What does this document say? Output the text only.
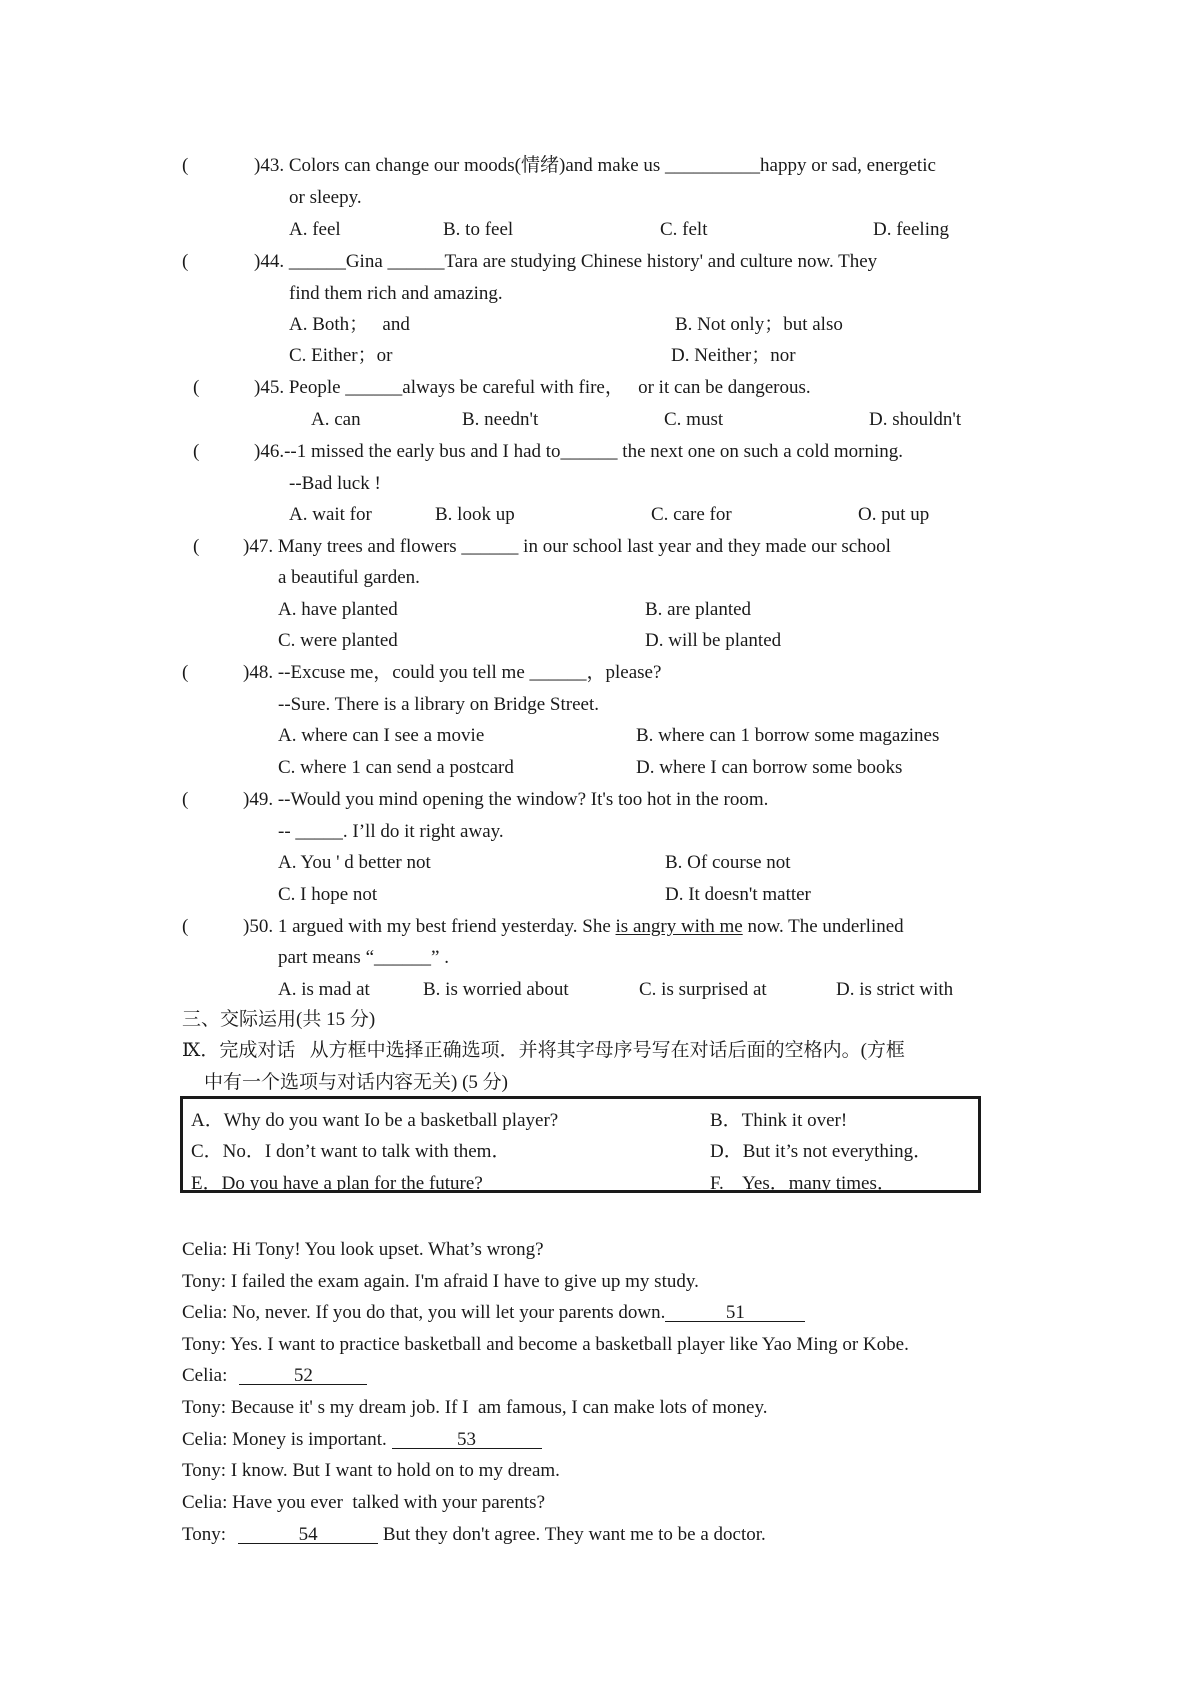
(	)43. Colors can change our moods(情绪)and make us __________happy or sad, energetic
or sleepy.
A. feel	B. to feel	C. felt	D. feeling
(	)44. ______Gina ______Tara are studying Chinese history' and culture now. They
find them rich and amazing.
A. Both；   and	B. Not only；but also
C. Either；or	D. Neither；nor
(	)45. People ______always be careful with fire，   or it can be dangerous.
A. can	B. needn't	C. must	D. shouldn't
(	)46.--1 missed the early bus and I had to______ the next one on such a cold morning.
--Bad luck !
A. wait for	B. look up	C. care for	O. put up
( )47. Many trees and flowers ______ in our school last year and they made our school
a beautiful garden.
A. have planted	B. are planted
C. were planted	D. will be planted
(	)48. --Excuse me，could you tell me ______，please?
--Sure. There is a library on Bridge Street.
A. where can I see a movie	B. where can 1 borrow some magazines
C. where 1 can send a postcard	D. where I can borrow some books
(	)49. --Would you mind opening the window? It's too hot in the room.
-- _____. I’ll do it right away.
A. You ' d better not	B. Of course not
C. I hope not	D. It doesn't matter
(	)50. 1 argued with my best friend yesterday. She is angry with me now. The underlined
part means “______” .
A. is mad at	B. is worried about	C. is surprised at	D. is strict with
三、交际运用(共 15 分)
Ⅸ．完成对话   从方框中选择正确选项．并将其字母序号写在对话后面的空格内。(方框
中有一个选项与对话内容无关) (5 分)
A．Why do you want Io be a basketball player?	B．Think it over!
C．No．I don’t want to talk with them．	D．But it’s not everything．
E．Do you have a plan for the future?	F.    Yes．many times．
Celia: Hi Tony! You look upset. What’s wrong?
Tony: I failed the exam again. I'm afraid I have to give up my study.
Celia: No, never. If you do that, you will let your parents down.	51
Tony: Yes. I want to practice basketball and become a basketball player like Yao Ming or Kobe.
Celia:	52
Tony: Because it' s my dream job. If I  am famous, I can make lots of money.
Celia: Money is important.	53
Tony: I know. But I want to hold on to my dream.
Celia: Have you ever  talked with your parents?
Tony:	54	But they don't agree. They want me to be a doctor.
